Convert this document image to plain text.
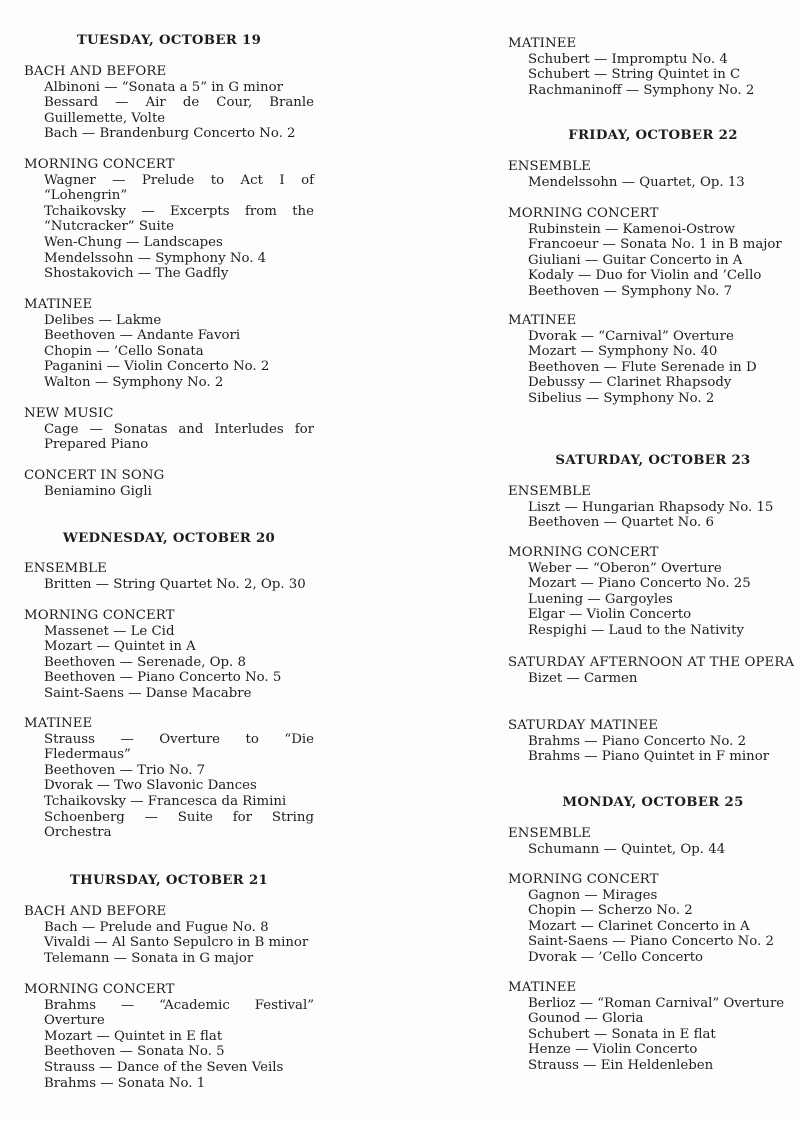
TUESDAY, OCTOBER 19
BACH AND BEFORE
Albinoni — “Sonata a 5” in G minor
Bessard — Air de Cour, Branle Guillemette, Volte
Bach — Brandenburg Concerto No. 2
MORNING CONCERT
Wagner — Prelude to Act I of “Lohengrin”
Tchaikovsky — Excerpts from the “Nutcracker” Suite
Wen-Chung — Landscapes
Mendelssohn — Symphony No. 4
Shostakovich — The Gadfly
MATINEE
Delibes — Lakme
Beethoven — Andante Favori
Chopin — ’Cello Sonata
Paganini — Violin Concerto No. 2
Walton — Symphony No. 2
NEW MUSIC
Cage — Sonatas and Interludes for Prepared Piano
CONCERT IN SONG
Beniamino Gigli
WEDNESDAY, OCTOBER 20
ENSEMBLE
Britten — String Quartet No. 2, Op. 30
MORNING CONCERT
Massenet — Le Cid
Mozart — Quintet in A
Beethoven — Serenade, Op. 8
Beethoven — Piano Concerto No. 5
Saint-Saens — Danse Macabre
MATINEE
Strauss — Overture to “Die Fledermaus”
Beethoven — Trio No. 7
Dvorak — Two Slavonic Dances
Tchaikovsky — Francesca da Rimini
Schoenberg — Suite for String Orchestra
THURSDAY, OCTOBER 21
BACH AND BEFORE
Bach — Prelude and Fugue No. 8
Vivaldi — Al Santo Sepulcro in B minor
Telemann — Sonata in G major
MORNING CONCERT
Brahms — “Academic Festival” Overture
Mozart — Quintet in E flat
Beethoven — Sonata No. 5
Strauss — Dance of the Seven Veils
Brahms — Sonata No. 1
MATINEE
Schubert — Impromptu No. 4
Schubert — String Quintet in C
Rachmaninoff — Symphony No. 2
FRIDAY, OCTOBER 22
ENSEMBLE
Mendelssohn — Quartet, Op. 13
MORNING CONCERT
Rubinstein — Kamenoi-Ostrow
Francoeur — Sonata No. 1 in B major
Giuliani — Guitar Concerto in A
Kodaly — Duo for Violin and ’Cello
Beethoven — Symphony No. 7
MATINEE
Dvorak — “Carnival” Overture
Mozart — Symphony No. 40
Beethoven — Flute Serenade in D
Debussy — Clarinet Rhapsody
Sibelius — Symphony No. 2
SATURDAY, OCTOBER 23
ENSEMBLE
Liszt — Hungarian Rhapsody No. 15
Beethoven — Quartet No. 6
MORNING CONCERT
Weber — “Oberon” Overture
Mozart — Piano Concerto No. 25
Luening — Gargoyles
Elgar — Violin Concerto
Respighi — Laud to the Nativity
SATURDAY AFTERNOON AT THE OPERA
Bizet — Carmen
SATURDAY MATINEE
Brahms — Piano Concerto No. 2
Brahms — Piano Quintet in F minor
MONDAY, OCTOBER 25
ENSEMBLE
Schumann — Quintet, Op. 44
MORNING CONCERT
Gagnon — Mirages
Chopin — Scherzo No. 2
Mozart — Clarinet Concerto in A
Saint-Saens — Piano Concerto No. 2
Dvorak — ’Cello Concerto
MATINEE
Berlioz — “Roman Carnival” Overture
Gounod — Gloria
Schubert — Sonata in E flat
Henze — Violin Concerto
Strauss — Ein Heldenleben
